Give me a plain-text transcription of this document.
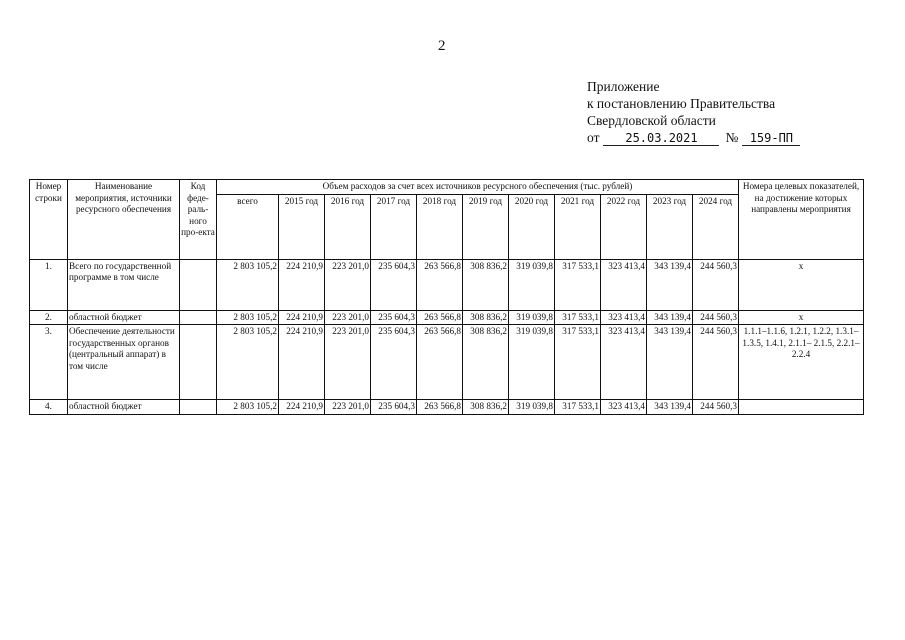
2
Приложение
к постановлению Правительства
Свердловской области
от 25.03.2021 № 159-ПП
Номер строки	Наименование мероприятия, источники ресурсного обеспечения	Код феде-раль-ного про-екта	Объем расходов за счет всех источников ресурсного обеспечения (тыс. рублей)											Номера целевых показателей, на достижение которых направлены мероприятия
			всего	2015 год	2016 год	2017 год	2018 год	2019 год	2020 год	2021 год	2022 год	2023 год	2024 год	
1.	Всего по государственной программе в том числе		2 803 105,2	224 210,9	223 201,0	235 604,3	263 566,8	308 836,2	319 039,8	317 533,1	323 413,4	343 139,4	244 560,3	х
2.	областной бюджет		2 803 105,2	224 210,9	223 201,0	235 604,3	263 566,8	308 836,2	319 039,8	317 533,1	323 413,4	343 139,4	244 560,3	х
3.	Обеспечение деятельности государственных органов (центральный аппарат) в том числе		2 803 105,2	224 210,9	223 201,0	235 604,3	263 566,8	308 836,2	319 039,8	317 533,1	323 413,4	343 139,4	244 560,3	1.1.1–1.1.6, 1.2.1, 1.2.2, 1.3.1–1.3.5, 1.4.1, 2.1.1– 2.1.5, 2.2.1–2.2.4
4.	областной бюджет		2 803 105,2	224 210,9	223 201,0	235 604,3	263 566,8	308 836,2	319 039,8	317 533,1	323 413,4	343 139,4	244 560,3	
